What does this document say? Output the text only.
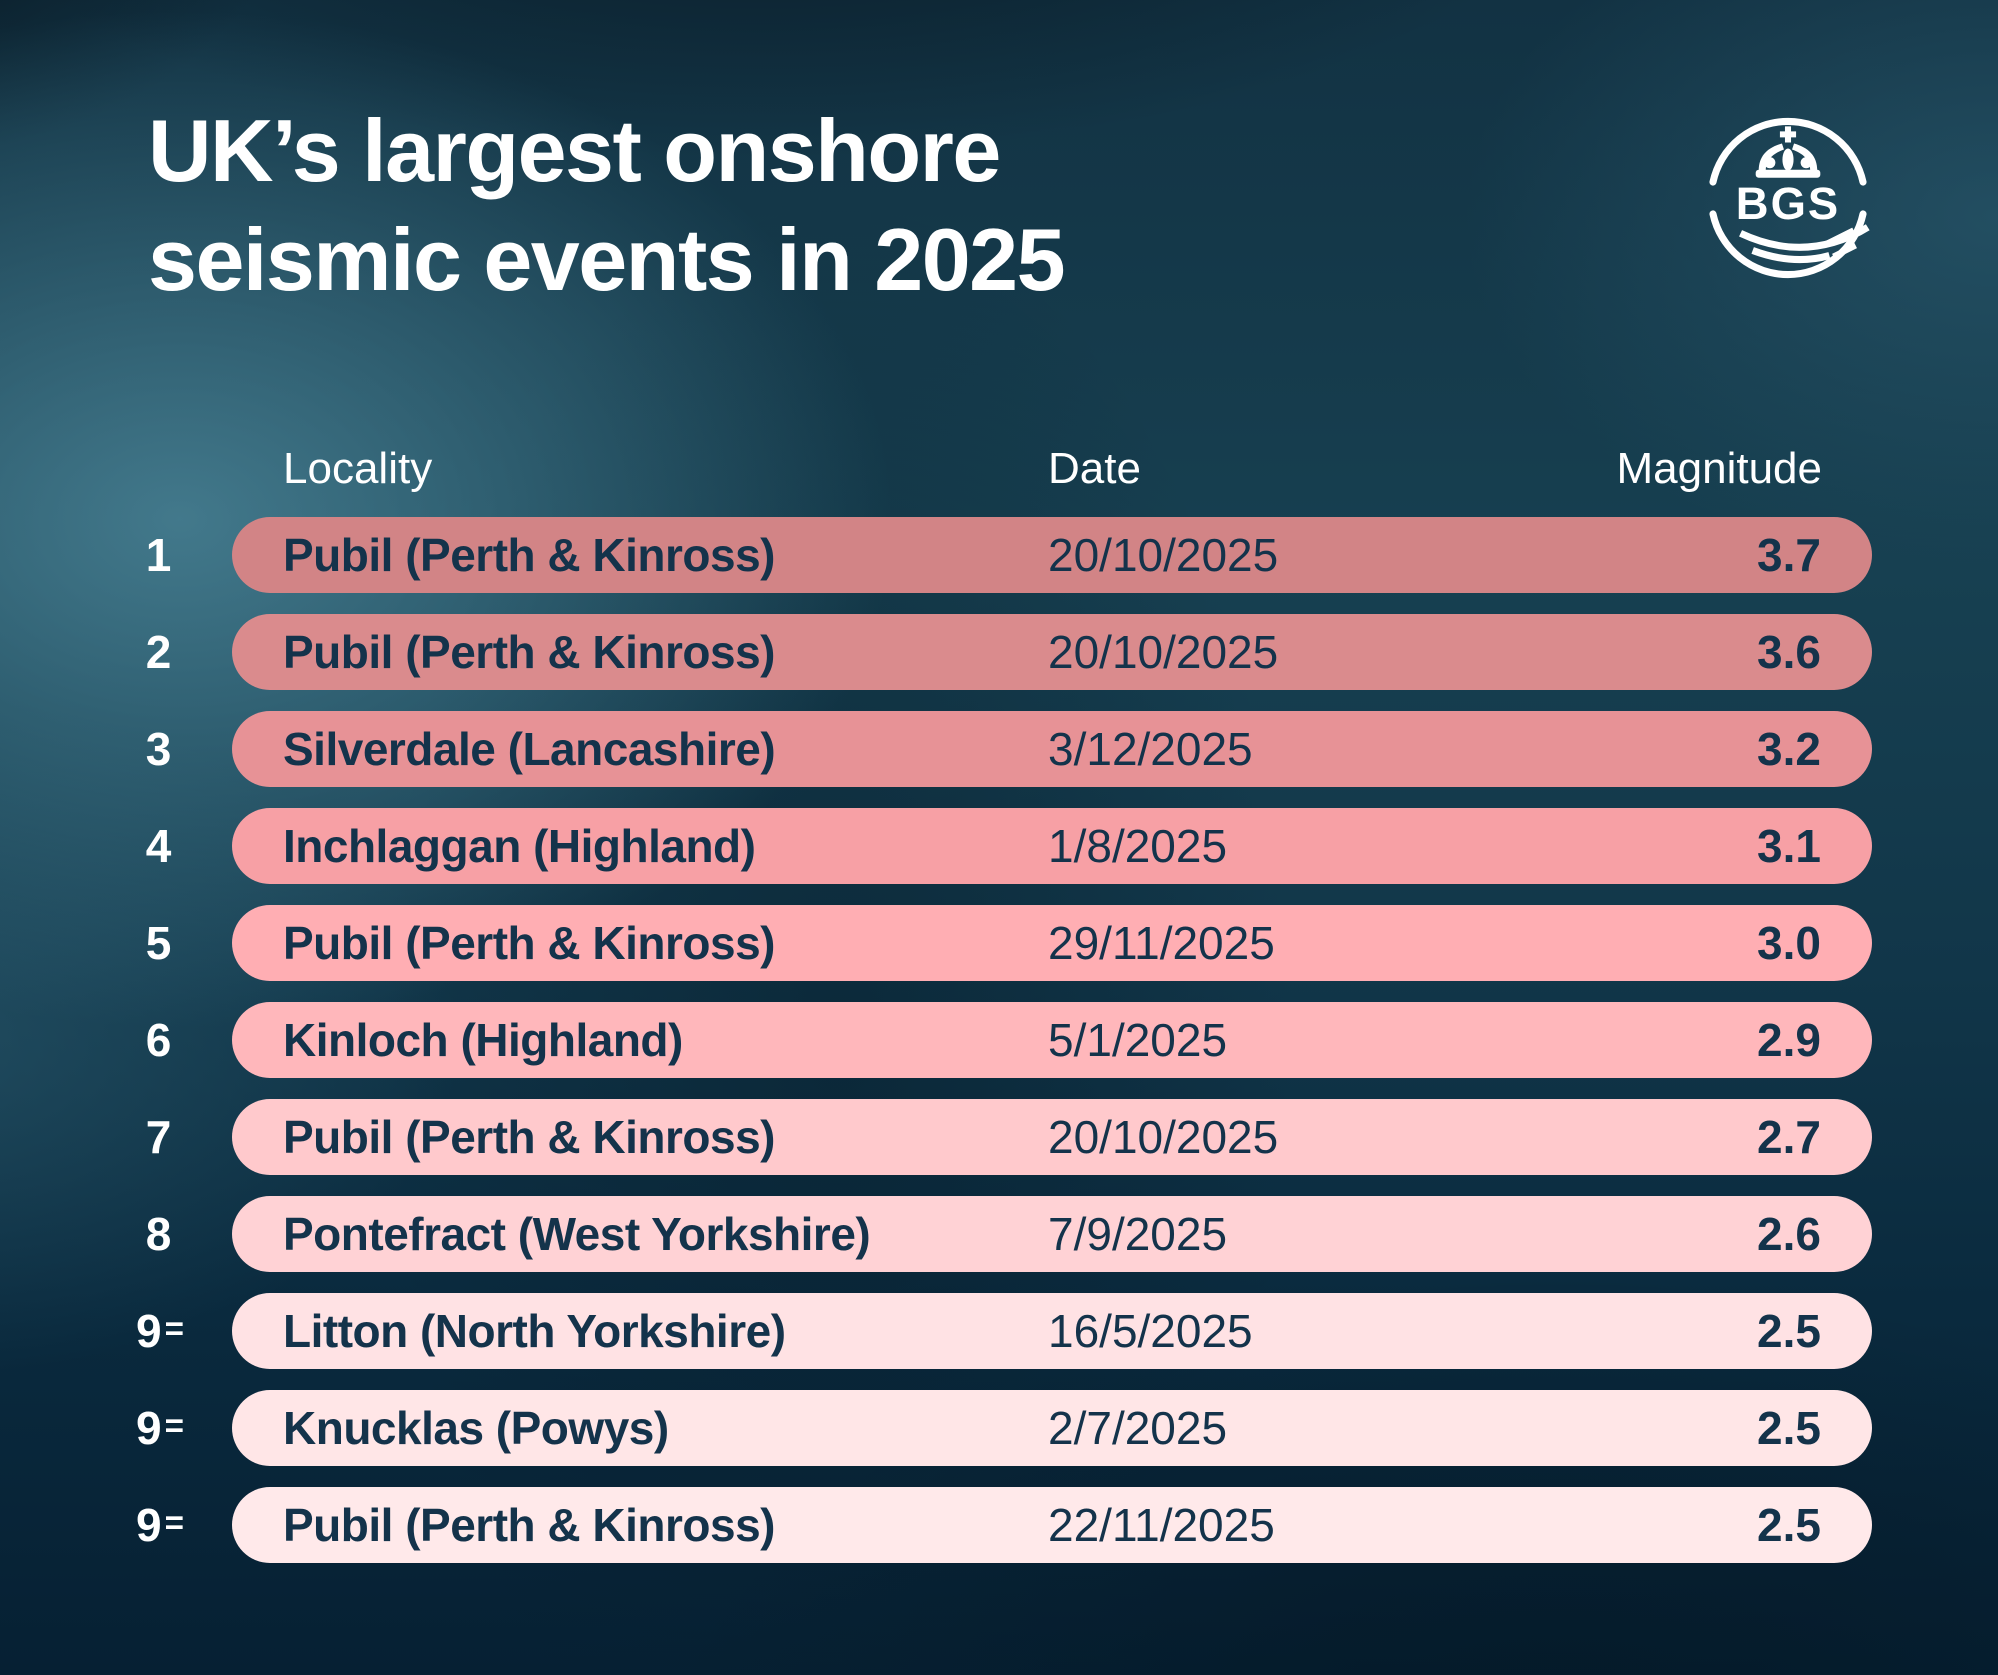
UK’s largest onshore
seismic events in 2025
BGS
Locality	Date	Magnitude
1 Pubil (Perth & Kinross)	20/10/2025	3.7
2 Pubil (Perth & Kinross)	20/10/2025	3.6
3 Silverdale (Lancashire)	3/12/2025	3.2
4 Inchlaggan (Highland)	1/8/2025	3.1
5 Pubil (Perth & Kinross)	29/11/2025	3.0
6 Kinloch (Highland)	5/1/2025	2.9
7 Pubil (Perth & Kinross)	20/10/2025	2.7
8 Pontefract (West Yorkshire)	7/9/2025	2.6
9 = Litton (North Yorkshire)	16/5/2025	2.5
9 = Knucklas (Powys)	2/7/2025	2.5
9 = Pubil (Perth & Kinross)	22/11/2025	2.5
